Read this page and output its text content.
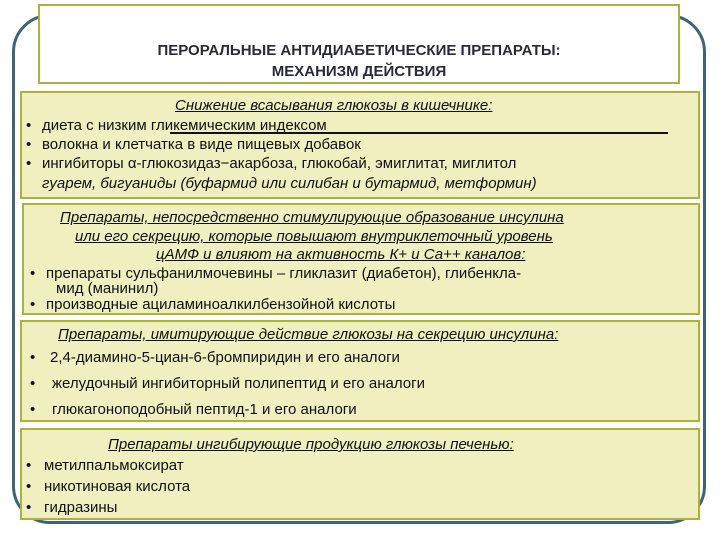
ПЕРОРАЛЬНЫЕ АНТИДИАБЕТИЧЕСКИЕ ПРЕПАРАТЫ:
МЕХАНИЗМ ДЕЙСТВИЯ
Снижение всасывания глюкозы в кишечнике:
• диета с низким гликемическим индексом
• волокна и клетчатка в виде пищевых добавок
• ингибиторы α-глюкозидаз−акарбоза, глюкобай, эмиглитат, миглитол
гуарем, бигуаниды (буфармид или силибан и бутармид, метформин)
Препараты, непосредственно стимулирующие образование инсулина
или его секрецию, которые повышают внутриклеточный уровень
цАМФ и влияют на активность К+ и Са++ каналов:
• препараты сульфанилмочевины – гликлазит (диабетон), глибенкла-
мид (манинил)
• производные ациламиноалкилбензойной кислоты
Препараты, имитирующие действие глюкозы на секрецию инсулина:
• 2,4-диамино-5-циан-6-бромпиридин и его аналоги
• желудочный ингибиторный полипептид и его аналоги
• глюкагоноподобный пептид-1 и его аналоги
Препараты ингибирующие продукцию глюкозы печенью:
• метилпальмоксират
• никотиновая кислота
• гидразины
